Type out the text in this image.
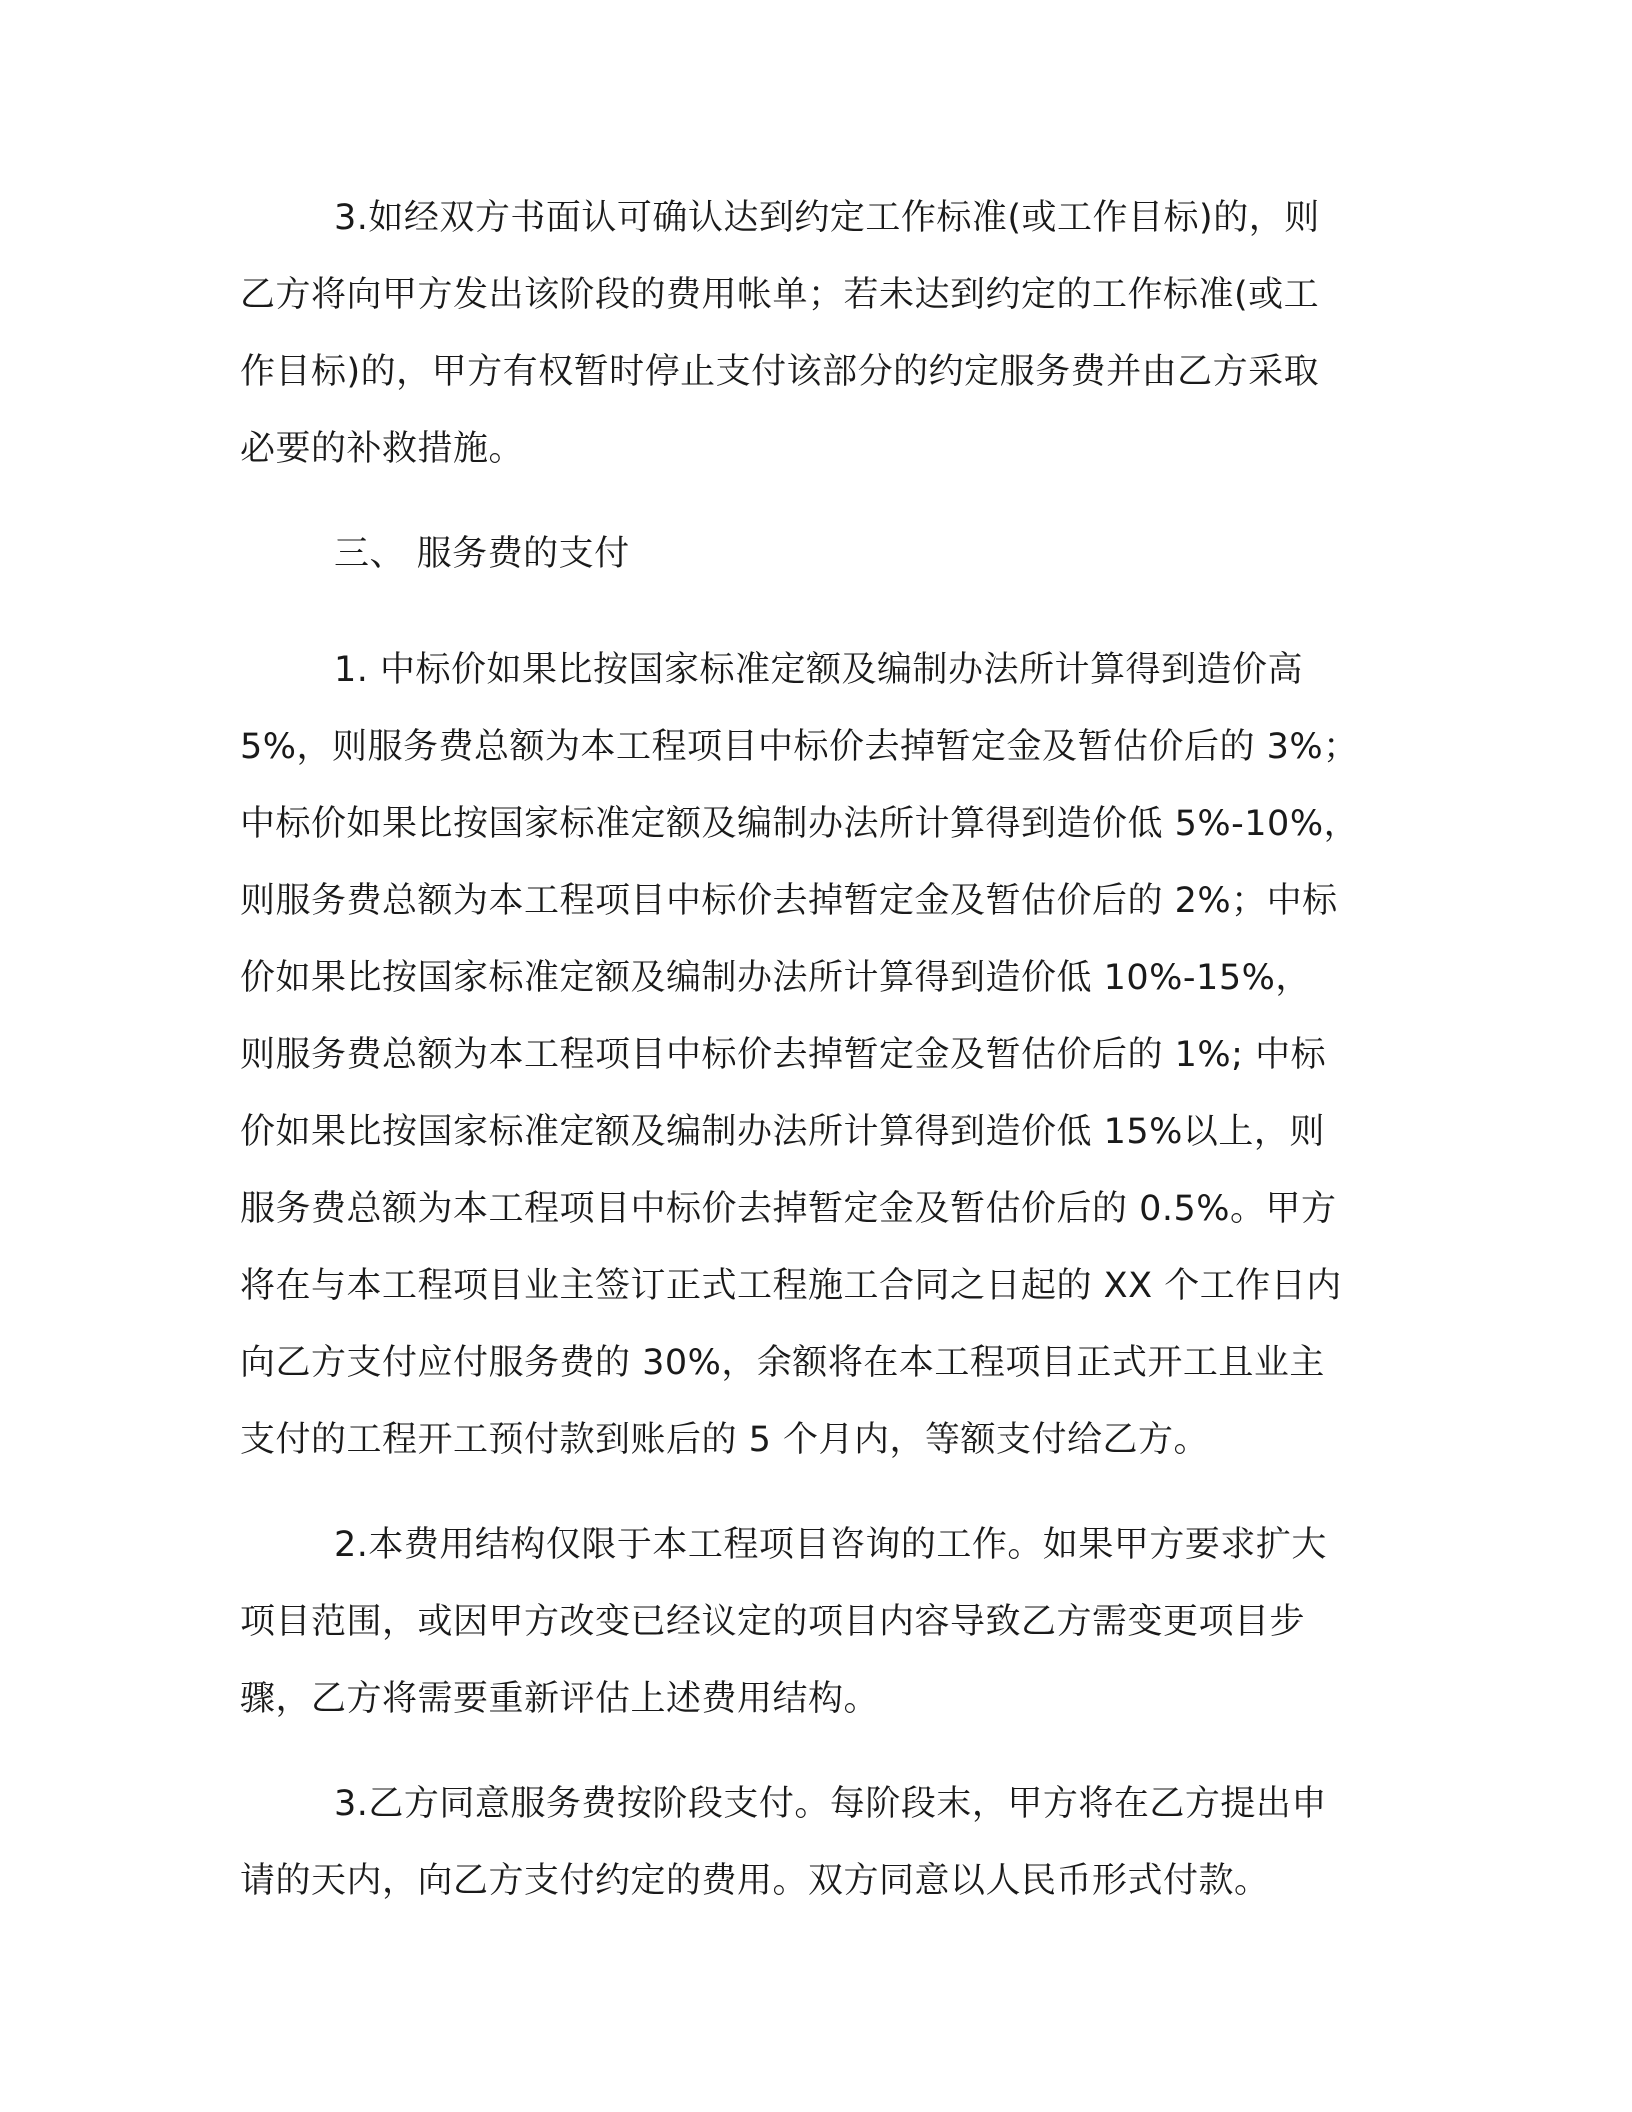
3.如经双方书面认可确认达到约定工作标准(或工作目标)的，则
乙方将向甲方发出该阶段的费用帐单；若未达到约定的工作标准(或工
作目标)的，甲方有权暂时停止支付该部分的约定服务费并由乙方采取
必要的补救措施。
三、 服务费的支付
1. 中标价如果比按国家标准定额及编制办法所计算得到造价高
5%，则服务费总额为本工程项目中标价去掉暂定金及暂估价后的 3%；
中标价如果比按国家标准定额及编制办法所计算得到造价低 5%-10%，
则服务费总额为本工程项目中标价去掉暂定金及暂估价后的 2%；中标
价如果比按国家标准定额及编制办法所计算得到造价低 10%-15%，
则服务费总额为本工程项目中标价去掉暂定金及暂估价后的 1%; 中标
价如果比按国家标准定额及编制办法所计算得到造价低 15%以上，则
服务费总额为本工程项目中标价去掉暂定金及暂估价后的 0.5%。甲方
将在与本工程项目业主签订正式工程施工合同之日起的 XX 个工作日内
向乙方支付应付服务费的 30%，余额将在本工程项目正式开工且业主
支付的工程开工预付款到账后的 5 个月内，等额支付给乙方。
2.本费用结构仅限于本工程项目咨询的工作。如果甲方要求扩大
项目范围，或因甲方改变已经议定的项目内容导致乙方需变更项目步
骤，乙方将需要重新评估上述费用结构。
3.乙方同意服务费按阶段支付。每阶段末，甲方将在乙方提出申
请的天内，向乙方支付约定的费用。双方同意以人民币形式付款。
